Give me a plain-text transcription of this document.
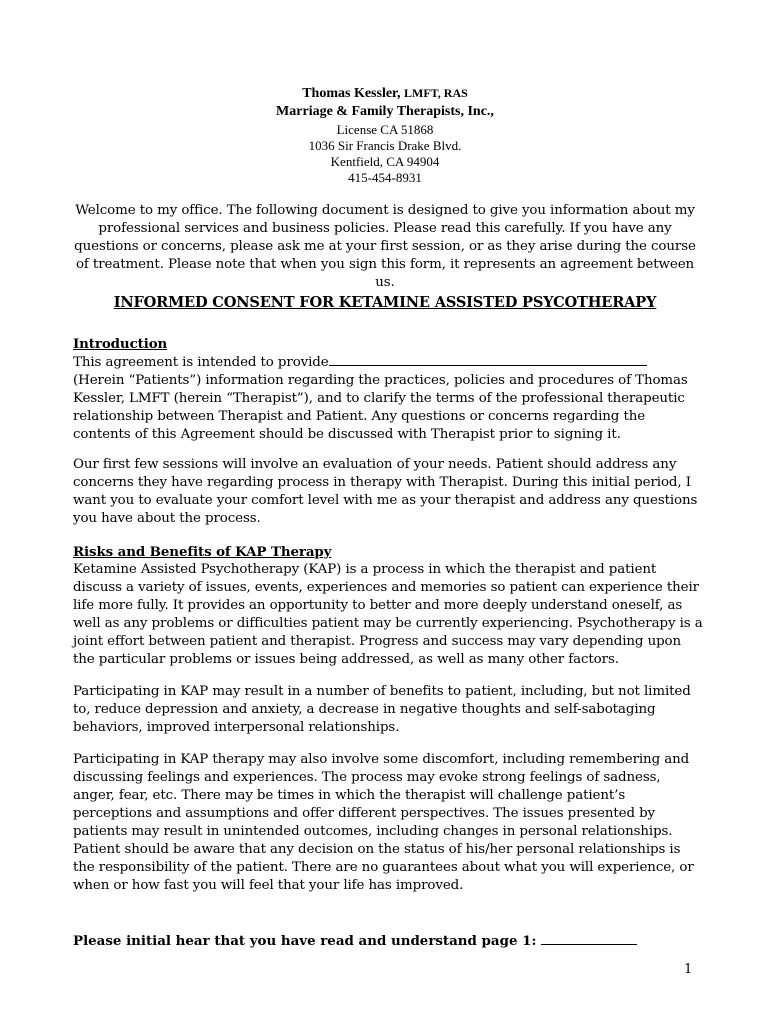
Thomas Kessler, LMFT, RAS
Marriage & Family Therapists, Inc.,
License CA 51868
1036 Sir Francis Drake Blvd.
Kentfield, CA 94904
415-454-8931
Welcome to my office. The following document is designed to give you information about my professional services and business policies. Please read this carefully. If you have any questions or concerns, please ask me at your first session, or as they arise during the course of treatment. Please note that when you sign this form, it represents an agreement between us.
INFORMED CONSENT FOR KETAMINE ASSISTED PSYCOTHERAPY
Introduction
This agreement is intended to provide
(Herein “Patients”) information regarding the practices, policies and procedures of Thomas Kessler, LMFT (herein “Therapist”), and to clarify the terms of the professional therapeutic relationship between Therapist and Patient. Any questions or concerns regarding the contents of this Agreement should be discussed with Therapist prior to signing it.
Our first few sessions will involve an evaluation of your needs. Patient should address any concerns they have regarding process in therapy with Therapist. During this initial period, I want you to evaluate your comfort level with me as your therapist and address any questions you have about the process.
Risks and Benefits of KAP Therapy
Ketamine Assisted Psychotherapy (KAP) is a process in which the therapist and patient discuss a variety of issues, events, experiences and memories so patient can experience their life more fully. It provides an opportunity to better and more deeply understand oneself, as well as any problems or difficulties patient may be currently experiencing. Psychotherapy is a joint effort between patient and therapist. Progress and success may vary depending upon the particular problems or issues being addressed, as well as many other factors.
Participating in KAP may result in a number of benefits to patient, including, but not limited to, reduce depression and anxiety, a decrease in negative thoughts and self-sabotaging behaviors, improved interpersonal relationships.
Participating in KAP therapy may also involve some discomfort, including remembering and discussing feelings and experiences. The process may evoke strong feelings of sadness, anger, fear, etc. There may be times in which the therapist will challenge patient’s perceptions and assumptions and offer different perspectives. The issues presented by patients may result in unintended outcomes, including changes in personal relationships. Patient should be aware that any decision on the status of his/her personal relationships is the responsibility of the patient. There are no guarantees about what you will experience, or when or how fast you will feel that your life has improved.
Please initial hear that you have read and understand page 1:
1
